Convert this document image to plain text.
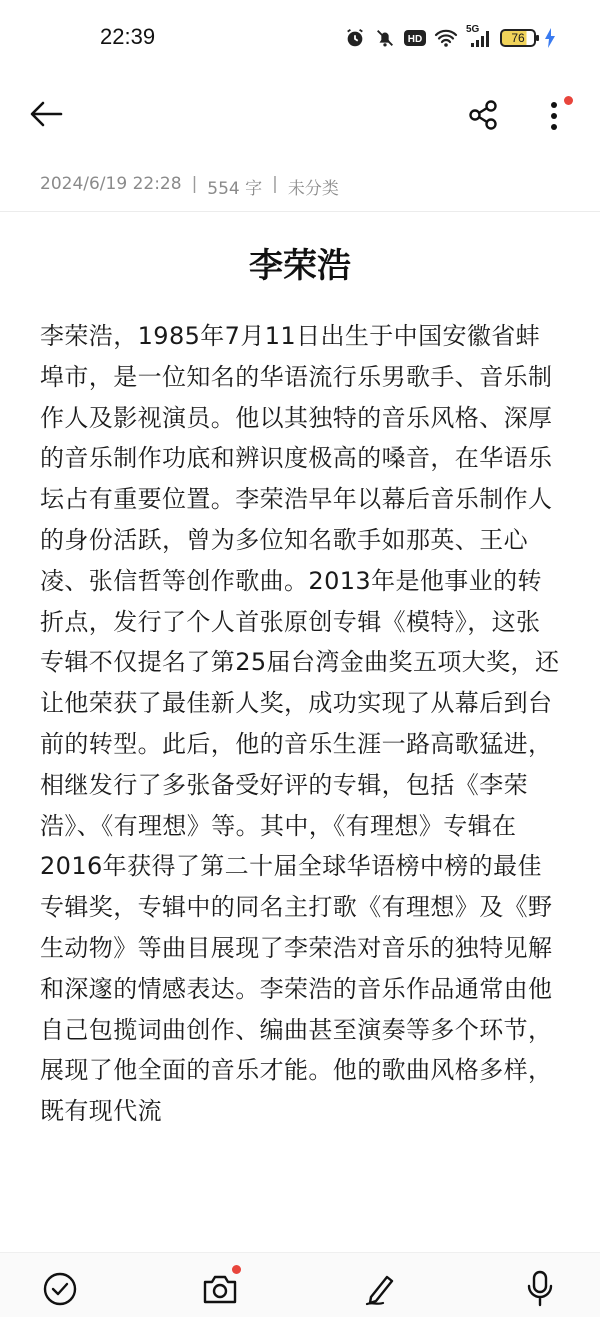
22:39	HD
5G
76
2024/6/19 22:28 | 554 字 | 未分类
李荣浩
李荣浩，1985年7月11日出生于中国安徽省蚌埠市，是一位知名的华语流行乐男歌手、音乐制作人及影视演员。他以其独特的音乐风格、深厚的音乐制作功底和辨识度极高的嗓音，在华语乐坛占有重要位置。李荣浩早年以幕后音乐制作人的身份活跃，曾为多位知名歌手如那英、王心凌、张信哲等创作歌曲。2013年是他事业的转折点，发行了个人首张原创专辑《模特》，这张专辑不仅提名了第25届台湾金曲奖五项大奖，还让他荣获了最佳新人奖，成功实现了从幕后到台前的转型。此后，他的音乐生涯一路高歌猛进，相继发行了多张备受好评的专辑，包括《李荣浩》、《有理想》等。其中，《有理想》专辑在2016年获得了第二十届全球华语榜中榜的最佳专辑奖，专辑中的同名主打歌《有理想》及《野生动物》等曲目展现了李荣浩对音乐的独特见解和深邃的情感表达。李荣浩的音乐作品通常由他自己包揽词曲创作、编曲甚至演奏等多个环节，展现了他全面的音乐才能。他的歌曲风格多样，既有现代流
